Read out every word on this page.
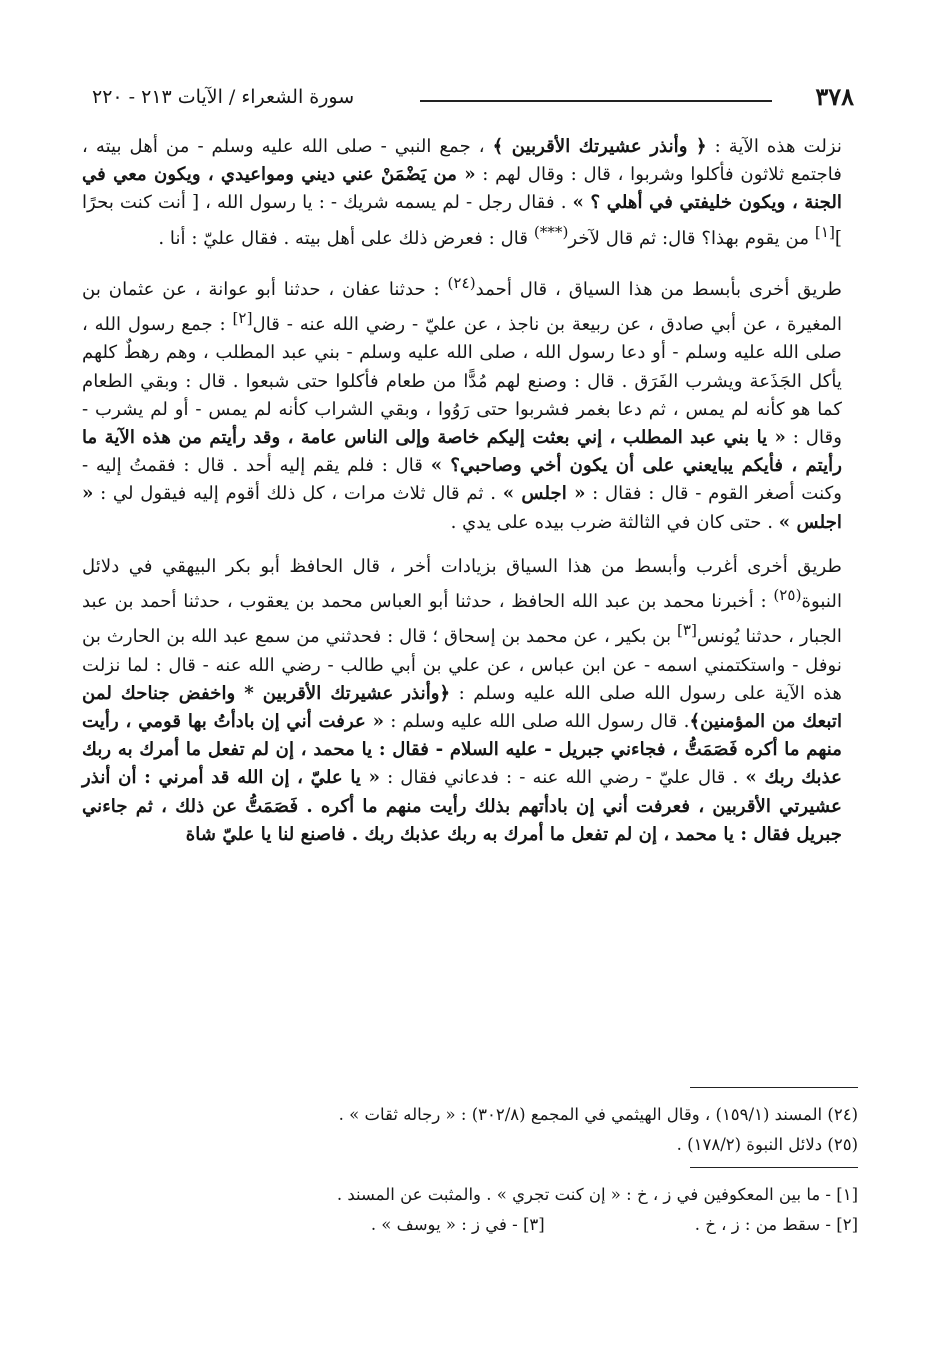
٣٧٨

سورة الشعراء / الآيات ٢١٣ - ٢٢٠

نزلت هذه الآية : ﴿ وأنذر عشيرتك الأقربين ﴾ ، جمع النبي - صلى الله عليه وسلم - من أهل بيته ، فاجتمع ثلاثون فأكلوا وشربوا ، قال : وقال لهم : « من يَضْمَنْ عني ديني ومواعيدي ، ويكون معي في الجنة ، ويكون خليفتي في أهلي ؟ » . فقال رجل - لم يسمه شريك - : يا رسول الله ، [ أنت كنت بحرًا ][١] من يقوم بهذا؟ قال: ثم قال لآخر(***) قال : فعرض ذلك على أهل بيته . فقال عليّ : أنا .

طريق أخرى بأبسط من هذا السياق ، قال أحمد$^{(٢٤)}$ : حدثنا عفان ، حدثنا أبو عوانة ، عن عثمان بن المغيرة ، عن أبي صادق ، عن ربيعة بن ناجذ ، عن عليّ - رضي الله عنه - قال[٢] : جمع رسول الله ، صلى الله عليه وسلم - أو دعا رسول الله ، صلى الله عليه وسلم - بني عبد المطلب ، وهم رهطٌ كلهم يأكل الجَذَعة ويشرب الفَرَق . قال : وصنع لهم مُدًّا من طعام فأكلوا حتى شبعوا . قال : وبقي الطعام كما هو كأنه لم يمس ، ثم دعا بغمر فشربوا حتى رَوُوا ، وبقي الشراب كأنه لم يمس - أو لم يشرب - وقال : « يا بني عبد المطلب ، إني بعثت إليكم خاصة وإلى الناس عامة ، وقد رأيتم من هذه الآية ما رأيتم ، فأيكم يبايعني على أن يكون أخي وصاحبي؟ » قال : فلم يقم إليه أحد . قال : فقمتُ إليه - وكنت أصغر القوم - قال : فقال : « اجلس » . ثم قال ثلاث مرات ، كل ذلك أقوم إليه فيقول لي : « اجلس » . حتى كان في الثالثة ضرب بيده على يدي .

طريق أخرى أغرب وأبسط من هذا السياق بزيادات أخر ، قال الحافظ أبو بكر البيهقي في دلائل النبوة$^{(٢٥)}$ : أخبرنا محمد بن عبد الله الحافظ ، حدثنا أبو العباس محمد بن يعقوب ، حدثنا أحمد بن عبد الجبار ، حدثنا يُونس[٣] بن بكير ، عن محمد بن إسحاق ؛ قال : فحدثني من سمع عبد الله بن الحارث بن نوفل - واستكتمني اسمه - عن ابن عباس ، عن علي بن أبي طالب - رضي الله عنه - قال : لما نزلت هذه الآية على رسول الله صلى الله عليه وسلم : ﴿وأنذر عشيرتك الأقربين * واخفض جناحك لمن اتبعك من المؤمنين﴾. قال رسول الله صلى الله عليه وسلم : « عرفت أني إن بادأتُ بها قومي ، رأيت منهم ما أكره فَصَمَتُّ ، فجاءني جبريل - عليه السلام - فقال : يا محمد ، إن لم تفعل ما أمرك به ربك عذبك ربك » . قال عليّ - رضي الله عنه - : فدعاني فقال : « يا عليّ ، إن الله قد أمرني : أن أنذر عشيرتي الأقربين ، فعرفت أني إن بادأتهم بذلك رأيت منهم ما أكره . فَصَمَتُّ عن ذلك ، ثم جاءني جبريل فقال : يا محمد ، إن لم تفعل ما أمرك به ربك عذبك ربك . فاصنع لنا يا عليّ شاة

(٢٤) المسند (١٥٩/١) ، وقال الهيثمي في المجمع (٣٠٢/٨) : « رجاله ثقات » .

(٢٥) دلائل النبوة (١٧٨/٢) .

[١] - ما بين المعكوفين في ز ، خ : « إن كنت تجري » . والمثبت عن المسند .

[٢] - سقط من : ز ، خ .
[٣] - في ز : « يوسف » .
